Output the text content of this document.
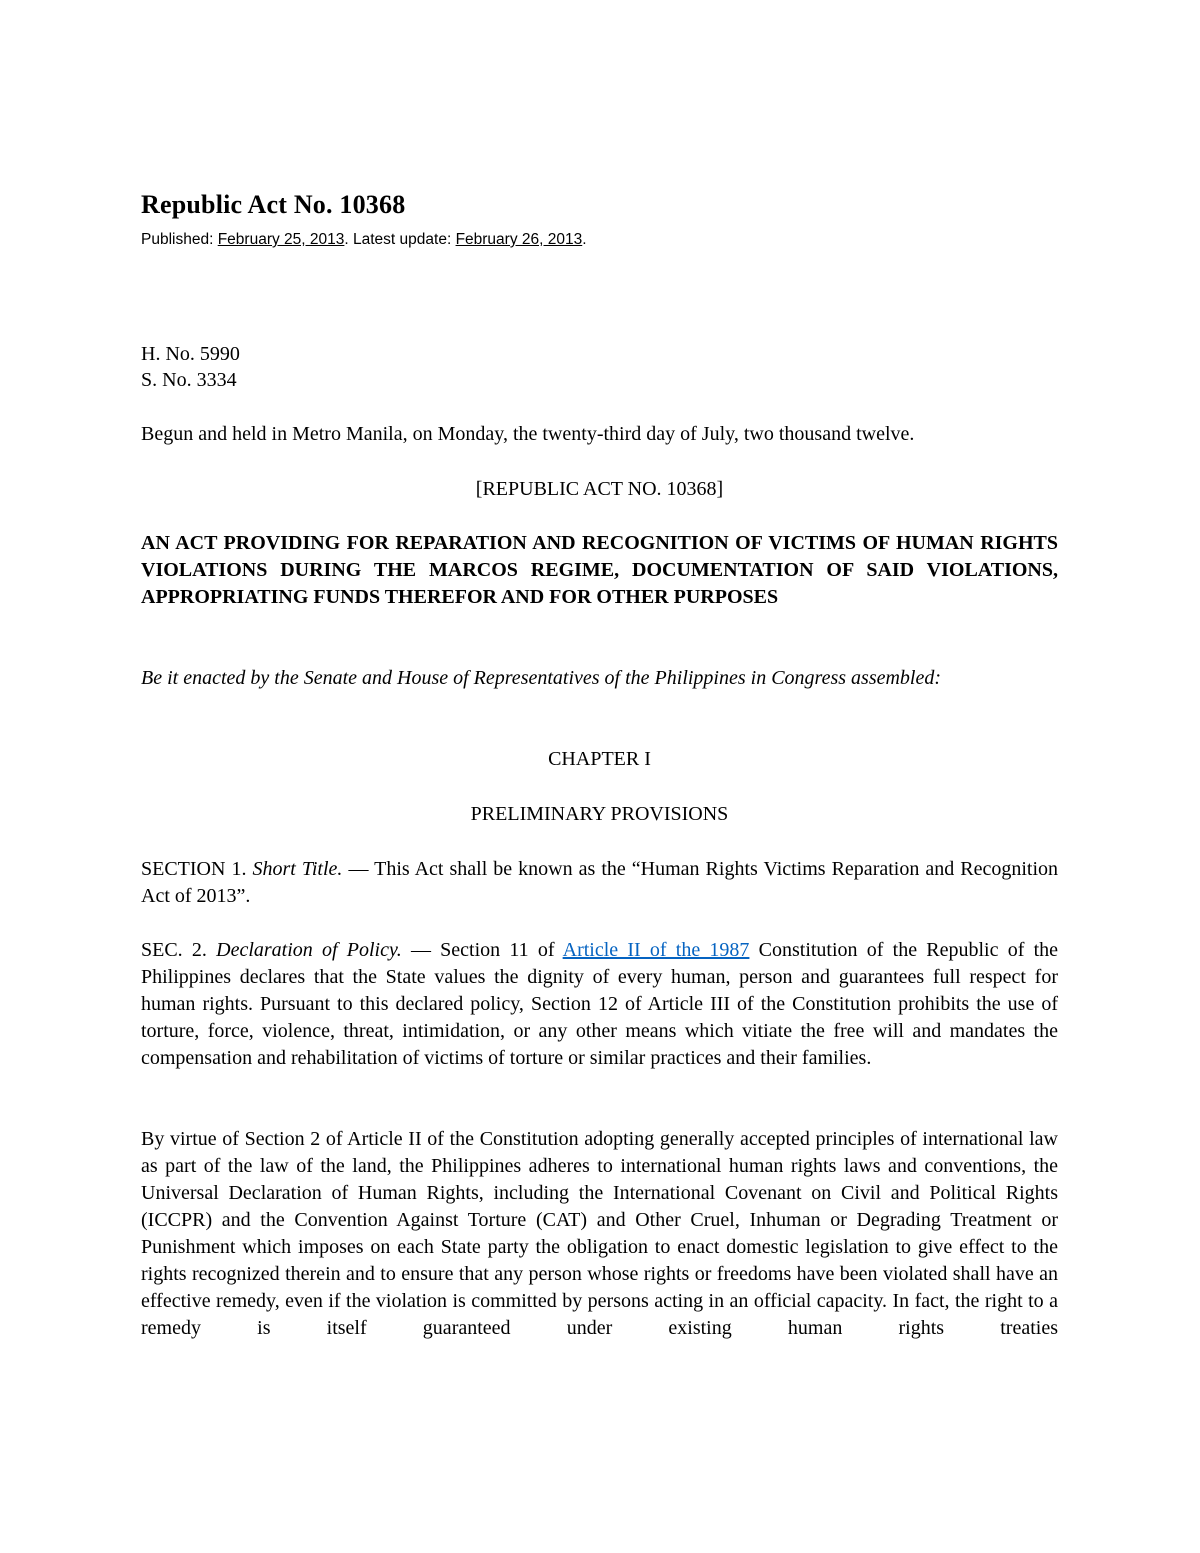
Republic Act No. 10368

Published: February 25, 2013. Latest update: February 26, 2013.

H. No. 5990

S. No. 3334

Begun and held in Metro Manila, on Monday, the twenty-third day of July, two thousand twelve.

[REPUBLIC ACT NO. 10368]

AN ACT PROVIDING FOR REPARATION AND RECOGNITION OF VICTIMS OF HUMAN RIGHTS VIOLATIONS DURING THE MARCOS REGIME, DOCUMENTATION OF SAID VIOLATIONS, APPROPRIATING FUNDS THEREFOR AND FOR OTHER PURPOSES

Be it enacted by the Senate and House of Representatives of the Philippines in Congress assembled:

CHAPTER I

PRELIMINARY PROVISIONS

SECTION 1. Short Title. — This Act shall be known as the “Human Rights Victims Reparation and Recognition Act of 2013”.

SEC. 2. Declaration of Policy. — Section 11 of Article II of the 1987 Constitution of the Republic of the Philippines declares that the State values the dignity of every human, person and guarantees full respect for human rights. Pursuant to this declared policy, Section 12 of Article III of the Constitution prohibits the use of torture, force, violence, threat, intimidation, or any other means which vitiate the free will and mandates the compensation and rehabilitation of victims of torture or similar practices and their families.

By virtue of Section 2 of Article II of the Constitution adopting generally accepted principles of international law as part of the law of the land, the Philippines adheres to international human rights laws and conventions, the Universal Declaration of Human Rights, including the International Covenant on Civil and Political Rights (ICCPR) and the Convention Against Torture (CAT) and Other Cruel, Inhuman or Degrading Treatment or Punishment which imposes on each State party the obligation to enact domestic legislation to give effect to the rights recognized therein and to ensure that any person whose rights or freedoms have been violated shall have an effective remedy, even if the violation is committed by persons acting in an official capacity. In fact, the right to a remedy is itself guaranteed under existing human rights treaties
